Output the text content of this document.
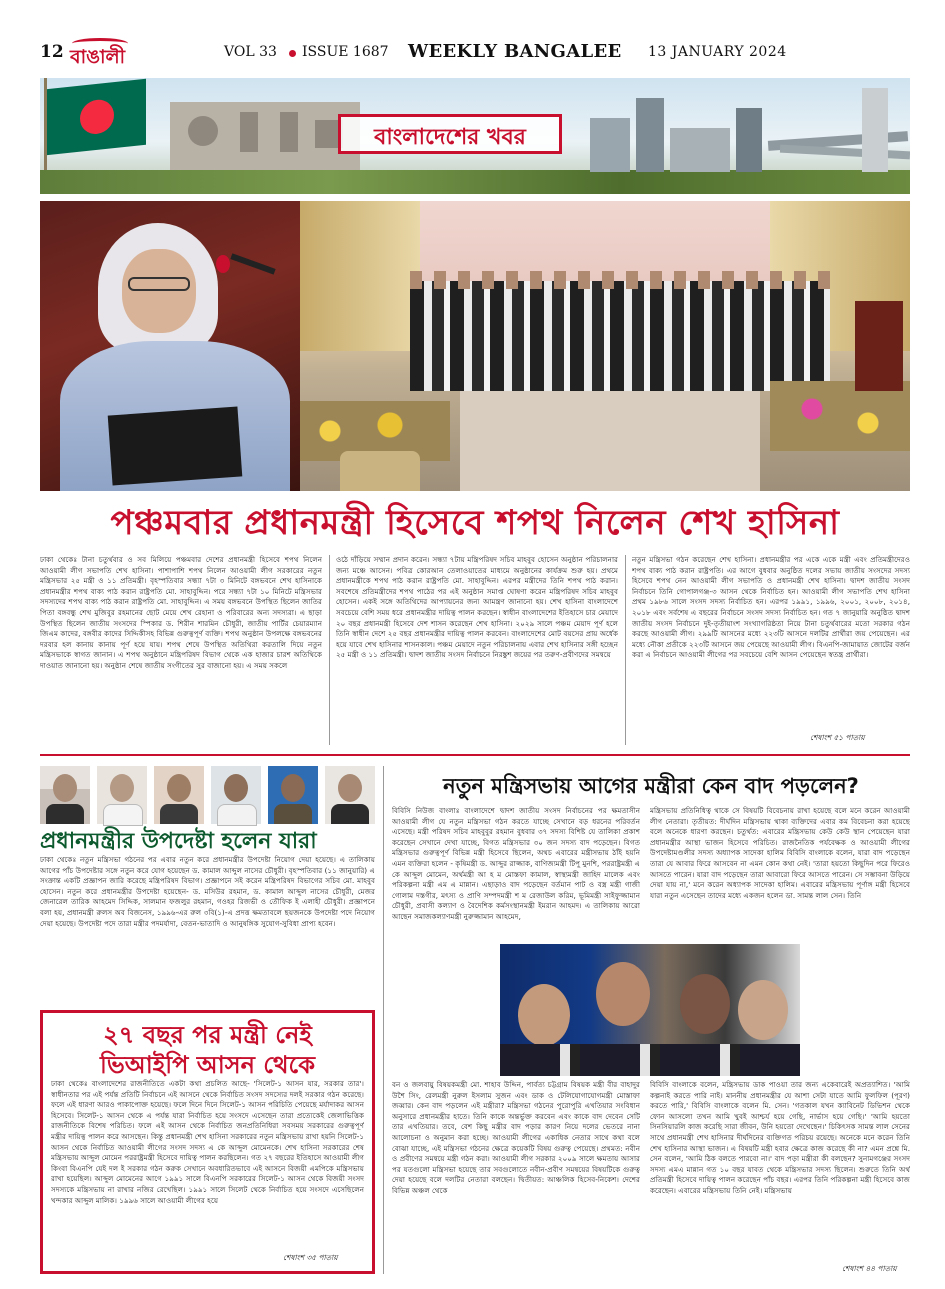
12 বাঙালী	VOL 33 ISSUE 1687 WEEKLY BANGALEE 13 JANUARY 2024
বাংলাদেশের খবর
পঞ্চমবার প্রধানমন্ত্রী হিসেবে শপথ নিলেন শেখ হাসিনা
ঢাকা থেকেঃ টানা চতুর্থবার ও সব মিলিয়ে পঞ্চমবার দেশের প্রধানমন্ত্রী হিসেবে শপথ নিলেন আওয়ামী লীগ সভাপতি শেখ হাসিনা। পাশাপাশি শপথ নিলেন আওয়ামী লীগ সরকারের নতুন মন্ত্রিসভার ২৫ মন্ত্রী ও ১১ প্রতিমন্ত্রী। বৃহস্পতিবার সন্ধ্যা ৭টা ৩ মিনিটে বঙ্গভবনে শেখ হাসিনাকে প্রধানমন্ত্রীর শপথ বাক্য পাঠ করান রাষ্ট্রপতি মো. সাহাবুদ্দিন। পরে সন্ধ্যা ৭টা ১০ মিনিটে মন্ত্রিসভার সদস্যদের শপথ বাক্য পাঠ করান রাষ্ট্রপতি মো. সাহাবুদ্দিন। এ সময় বঙ্গভবনে উপস্থিত ছিলেন জাতির পিতা বঙ্গবন্ধু শেখ মুজিবুর রহমানের ছোট মেয়ে শেখ রেহানা ও পরিবারের অন্য সদস্যরা। এ ছাড়া উপস্থিত ছিলেন জাতীয় সংসদের স্পিকার ড. শিরীন শারমিন চৌধুরী, জাতীয় পার্টির চেয়ারম্যান জিএম কাদের, বঙ্গবীর কাদের সিদ্দিকীসহ বিভিন্ন গুরুত্বপূর্ণ ব্যক্তি। শপথ অনুষ্ঠান উপলক্ষে বঙ্গভবনের দরবার হল কানায় কানায় পূর্ণ হয়ে যায়। শপথ শেষে উপস্থিত অতিথিরা করতালি দিয়ে নতুন মন্ত্রিসভাকে স্বাগত জানান। এ শপথ অনুষ্ঠানে মন্ত্রিপরিষদ বিভাগ থেকে এক হাজার চারশ অতিথিকে দাওয়াত জানানো হয়। অনুষ্ঠান শেষে জাতীয় সংগীতের সুর বাজানো হয়। এ সময় সকলে
ওঠে দাঁড়িয়ে সম্মান প্রদান করেন। সন্ধ্যা ৭টায় মন্ত্রিপরিষদ সচিব মাহবুব হোসেন অনুষ্ঠান পরিচালনার জন্য মঞ্চে আসেন। পবিত্র কোরআন তেলাওয়াতের মাধ্যমে অনুষ্ঠানের কার্যক্রম শুরু হয়। প্রথমে প্রধানমন্ত্রীকে শপথ পাঠ করান রাষ্ট্রপতি মো. সাহাবুদ্দিন। এরপর মন্ত্রীদের তিনি শপথ পাঠ করান। সবশেষে প্রতিমন্ত্রীদের শপথ পাঠের পর এই অনুষ্ঠান সমাপ্ত ঘোষণা করেন মন্ত্রিপরিষদ সচিব মাহবুব হোসেন। একই সঙ্গে অতিথিদের আপ্যায়নের জন্য আমন্ত্রণ জানানো হয়। শেখ হাসিনা বাংলাদেশে সবচেয়ে বেশি সময় ধরে প্রধানমন্ত্রীর দায়িত্ব পালন করছেন। স্বাধীন বাংলাদেশের ইতিহাসে চার মেয়াদে ২০ বছর প্রধানমন্ত্রী হিসেবে দেশ শাসন করেছেন শেখ হাসিনা। ২০২৯ সালে পঞ্চম মেয়াদ পূর্ণ হলে তিনি স্বাধীন দেশে ২৫ বছর প্রধানমন্ত্রীর দায়িত্ব পালন করবেন। বাংলাদেশের মোট বয়সের প্রায় অর্ধেক হয়ে যাবে শেখ হাসিনার শাসনকাল। পঞ্চম মেয়াদে নতুন পরিচালনায় এবার শেখ হাসিনার সঙ্গী হচ্ছেন ২৫ মন্ত্রী ও ১১ প্রতিমন্ত্রী। দ্বাদশ জাতীয় সংসদ নির্বাচনে নিরঙ্কুশ জয়ের পর তরুণ-প্রবীণদের সমন্বয়ে
নতুন মন্ত্রিসভা গঠন করেছেন শেখ হাসিনা। প্রধানমন্ত্রীর পর একে একে মন্ত্রী এবং প্রতিমন্ত্রীদেরও শপথ বাক্য পাঠ করান রাষ্ট্রপতি। এর আগে বুধবার অনুষ্ঠিত দলের সভায় জাতীয় সংসদের সদস্য হিসেবে শপথ নেন আওয়ামী লীগ সভাপতি ও প্রধানমন্ত্রী শেখ হাসিনা। দ্বাদশ জাতীয় সংসদ নির্বাচনে তিনি গোপালগঞ্জ-৩ আসন থেকে নির্বাচিত হন। আওয়ামী লীগ সভাপতি শেখ হাসিনা প্রথম ১৯৮৬ সালে সংসদ সদস্য নির্বাচিত হন। এরপর ১৯৯১, ১৯৯৬, ২০০১, ২০০৮, ২০১৪, ২০১৮ এবং সর্বশেষ এ বছরের নির্বাচনে সংসদ সদস্য নির্বাচিত হন। গত ৭ জানুয়ারি অনুষ্ঠিত দ্বাদশ জাতীয় সংসদ নির্বাচনে দুই-তৃতীয়াংশ সংখ্যাগরিষ্ঠতা নিয়ে টানা চতুর্থবারের মতো সরকার গঠন করছে আওয়ামী লীগ। ২৯৯টি আসনের মধ্যে ২২৩টি আসনে দলটির প্রার্থীরা জয় পেয়েছেন। এর মধ্যে নৌকা প্রতীকে ২২৩টি আসনে জয় পেয়েছে আওয়ামী লীগ। বিএনপি-জামায়াত জোটের বর্জন করা এ নির্বাচনে আওয়ামী লীগের পর সবচেয়ে বেশি আসন পেয়েছেন স্বতন্ত্র প্রার্থীরা।
শেষাংশ ৫১ পাতায়
প্রধানমন্ত্রীর উপদেষ্টা হলেন যারা
ঢাকা থেকেঃ নতুন মন্ত্রিসভা গঠনের পর এবার নতুন করে প্রধানমন্ত্রীর উপদেষ্টা নিয়োগ দেয়া হয়েছে। এ তালিকায় আগের পাঁচ উপদেষ্টার সঙ্গে নতুন করে যোগ হয়েছেন ড. কামাল আব্দুল নাসের চৌধুরী। বৃহস্পতিবার (১১ জানুয়ারি) এ সংক্রান্ত একটি প্রজ্ঞাপন জারি করেছে মন্ত্রিপরিষদ বিভাগ। প্রজ্ঞাপনে সই করেন মন্ত্রিপরিষদ বিভাগের সচিব মো. মাহবুব হোসেন। নতুন করে প্রধানমন্ত্রীর উপদেষ্টা হয়েছেন- ড. মসিউর রহমান, ড. কামাল আব্দুল নাসের চৌধুরী, মেজর জেনারেল তারিক আহমেদ সিদ্দিক, সালমান ফজলুর রহমান, গওহর রিজভী ও তৌফিক ই এলাহী চৌধুরী। প্রজ্ঞাপনে বলা হয়, প্রধানমন্ত্রী রুলস অব বিজনেস, ১৯৯৬-এর রুল ৩বি(১)-এ প্রদত্ত ক্ষমতাবলে ছয়জনকে উপদেষ্টা পদে নিয়োগ দেয়া হয়েছে। উপদেষ্টা পদে তারা মন্ত্রীর পদমর্যাদা, বেতন-ভাতাদি ও আনুষঙ্গিক সুযোগ-সুবিধা প্রাপ্য হবেন।
২৭ বছর পর মন্ত্রী নেই
ভিআইপি আসন থেকে
ঢাকা থেকেঃ বাংলাদেশের রাজনীতিতে একটা কথা প্রচলিত আছে- 'সিলেট-১ আসন যার, সরকার তার'। স্বাধীনতার পর এই পর্যন্ত প্রতিটি নির্বাচনে এই আসনে থেকে নির্বাচিত সংসদ সদস্যের দলই সরকার গঠন করেছে। ফলে এই ধারণা আরও পাকাপোক্ত হয়েছে। ফলে দিনে দিনে সিলেট-১ আসন পরিচিতি পেয়েছে মর্যাদাকর আসন হিসেবে। সিলেট-১ আসন থেকে এ পর্যন্ত যারা নির্বাচিত হয়ে সংসদে এসেছেন তারা প্রত্যেকেই জেলাভিত্তিক রাজনীতিকে বিশেষ পরিচিত। ফলে এই আসন থেকে নির্বাচিত জনপ্রতিনিধিরা সবসময় সরকারের গুরুত্বপূর্ণ মন্ত্রীর দায়িত্ব পালন করে আসছেন। কিন্তু প্রধানমন্ত্রী শেখ হাসিনা সরকারের নতুন মন্ত্রিসভায় রাখা হয়নি সিলেট-১ আসন থেকে নির্বাচিত আওয়ামী লীগের সংসদ সদস্য এ কে আব্দুল মোমেনকে। শেখ হাসিনা সরকারের শেষ মন্ত্রিসভায় আব্দুল মোমেন পররাষ্ট্রমন্ত্রী হিসেবে দায়িত্ব পালন করছিলেন। গত ২৭ বছরের ইতিহাসে আওয়ামী লীগ কিংবা বিএনপি যেই দল ই সরকার গঠন করুক সেখানে অবধারিতভাবে এই আসনে বিজয়ী এমপিকে মন্ত্রিসভায় রাখা হয়েছিল। আব্দুল মোমেনের আগে ১৯৯১ সালে বিএনপি সরকারের সিলেট-১ আসন থেকে বিজয়ী সংসদ সদস্যকে মন্ত্রিসভায় না রাখার নজির রেখেছিল। ১৯৯১ সালে সিলেট থেকে নির্বাচিত হয়ে সংসদে এসেছিলেন খন্দকার আব্দুল মালিক। ১৯৯৬ সালে আওয়ামী লীগের হয়ে
শেষাংশ ৩৫ পাতায়
নতুন মন্ত্রিসভায় আগের মন্ত্রীরা কেন বাদ পড়লেন?
বিবিসি নিউজ বাংলাঃ বাংলাদেশে দ্বাদশ জাতীয় সংসদ নির্বাচনের পর ক্ষমতাসীন আওয়ামী লীগ যে নতুন মন্ত্রিসভা গঠন করতে যাচ্ছে সেখানে বড় ধরনের পরিবর্তন এসেছে। মন্ত্রী পরিষদ সচিব মাহবুবুর রহমান বুধবার ৩৭ সদস্য বিশিষ্ট যে তালিকা প্রকাশ করেছেন সেখানে দেখা যাচ্ছে, বিগত মন্ত্রিসভার ৩০ জন সদস্য বাদ পড়েছেন। বিগত মন্ত্রিসভার গুরুত্বপূর্ণ বিভিন্ন মন্ত্রী হিসেবে ছিলেন, অথচ এবারের মন্ত্রীসভায় ঠাঁই হয়নি এমন ব্যক্তিরা হলেন - কৃষিমন্ত্রী ড. আব্দুর রাজ্জাক, বাণিজ্যমন্ত্রী টিপু মুনশি, পররাষ্ট্রমন্ত্রী এ কে আব্দুল মোমেন, অর্থমন্ত্রী আ হ ম মোস্তফা কামাল, স্বাস্থ্যমন্ত্রী জাহিদ মালেক এবং পরিকল্পনা মন্ত্রী এম এ মান্নান। এছাড়াও বাদ পড়েছেন বর্তমান পাট ও বস্ত্র মন্ত্রী গাজী গোলাম দস্তগীর, মৎস্য ও প্রাণি সম্পদমন্ত্রী শ ম রেজাউল করিম, ভূমিমন্ত্রী সাইফুজ্জামান চৌধুরী, প্রবাসী কল্যাণ ও বৈদেশিক কর্মসংস্থানমন্ত্রী ইমরান আহমদ। এ তালিকায় আরো আছেন সমাজকল্যাণমন্ত্রী নুরুজ্জামান আহমেদ,
মন্ত্রিসভায় প্রতিনিধিত্ব থাকে সে বিষয়টি বিবেচনায় রাখা হয়েছে বলে মনে করেন আওয়ামী লীগ নেতারা। তৃতীয়ত: দীর্ঘদিন মন্ত্রিসভায় থাকা ব্যক্তিদের এবার কম বিবেচনা করা হয়েছে বলে অনেকে ধারণা করছেন। চতুর্থত: এবারের মন্ত্রিসভায় কেউ কেউ স্থান পেয়েছেন যারা প্রধানমন্ত্রীর আস্থা ভাজন হিসেবে পরিচিত। রাজনৈতিক পর্যবেক্ষক ও আওয়ামী লীগের উপদেষ্টামণ্ডলীর সদস্য অধ্যাপক সাদেকা হালিম বিবিসি বাংলাকে বলেন, যারা বাদ পড়েছেন তারা যে আবার ফিরে আসবেন না এমন কোন কথা নেই। 'তারা হয়তো কিছুদিন পরে ফিরেও আসতে পারেন। যারা বাদ পড়েছেন তারা আবারো ফিরে আসতে পারেন। সে সম্ভাবনা উড়িয়ে দেয়া যায় না,' মনে করেন অধ্যাপক সাদেকা হালিম। এবারের মন্ত্রিসভায় পূর্ণাঙ্গ মন্ত্রী হিসেবে যারা নতুন এসেছেন তাদের মধ্যে একজন হলেন ডা. সামন্ত লাল সেন। তিনি
বন ও জলবায়ু বিষয়কমন্ত্রী মো. শাহাব উদ্দিন, পার্বত্য চট্টগ্রাম বিষয়ক মন্ত্রী বীর বাহাদুর উশৈ সিং, রেলমন্ত্রী নুরুল ইসলাম সুজন এবং ডাক ও টেলিযোগাযোগমন্ত্রী মোস্তাফা জব্বার। কেন বাদ পড়লেন এই মন্ত্রীরা? মন্ত্রিসভা গঠনের পুরোপুরি এখতিয়ার সংবিধান অনুসারে প্রধানমন্ত্রীর হাতে। তিনি কাকে অন্তর্ভুক্ত করবেন এবং কাকে বাদ দেবেন সেটি তার এখতিয়ার। তবে, বেশ কিছু মন্ত্রীর বাদ পড়ার কারণ নিয়ে দলের ভেতরে নানা আলোচনা ও অনুমান করা হচ্ছে। আওয়ামী লীগের একাধিক নেতার সাথে কথা বলে বোঝা যাচ্ছে, এই মন্ত্রিসভা গঠনের ক্ষেত্রে কয়েকটি বিষয় গুরুত্ব পেয়েছে। প্রথমত: নবীন ও প্রবীণের সমন্বয়ে মন্ত্রী গঠন করা। আওয়ামী লীগ সরকার ২০০৯ সালে ক্ষমতায় আসার পর যতগুলো মন্ত্রিসভা হয়েছে তার সবগুলোতে নবীন-প্রবীণ সমন্বয়ের বিষয়টিকে গুরুত্ব দেয়া হয়েছে বলে দলটির নেতারা বলছেন। দ্বিতীয়ত: আঞ্চলিক হিসেব-নিকেশ। দেশের বিভিন্ন অঞ্চল থেকে
বিবিসি বাংলাকে বলেন, মন্ত্রিসভায় ডাক পাওয়া তার জন্য একেবারেই অপ্রত্যাশিত। 'আমি কল্পনাই করতে পারি নাই। মাননীয় প্রধানমন্ত্রীর যে আশা সেটা যাতে আমি ফুলফিল (পূরণ) করতে পারি,' বিবিসি বাংলাকে বলেন মি. সেন। 'গতকাল যখন ক্যাবিনেট ডিভিশন থেকে ফোন আসলো তখন আমি খুবই আশ্চর্য হয়ে গেছি, নার্ভাস হয়ে গেছি।' 'আমি হয়তো সিনসিয়ারলি কাজ করেছি সারা জীবন, উনি হয়তো দেখেছেন।' চিকিৎসক সামন্ত লাল সেনের সাথে প্রধানমন্ত্রী শেখ হাসিনার দীর্ঘদিনের ব্যক্তিগত পরিচয় রয়েছে। অনেকে মনে করেন তিনি শেখ হাসিনার আস্থা ভাজন। এ বিষয়টি মন্ত্রী হবার ক্ষেত্রে কাজ করেছে কী না? এমন প্রশ্নে মি. সেন বলেন, 'আমি ঠিক বলতে পারবো না।' বাদ পড়া মন্ত্রীরা কী বলছেন? সুনামগঞ্জের সংসদ সদস্য এমএ মান্নান গত ১০ বছর যাবত থেকে মন্ত্রিসভার সদস্য ছিলেন। শুরুতে তিনি অর্থ প্রতিমন্ত্রী হিসেবে দায়িত্ব পালন করেছেন পাঁচ বছর। এরপর তিনি পরিকল্পনা মন্ত্রী হিসেবে কাজ করেছেন। এবারের মন্ত্রিসভায় তিনি নেই। মন্ত্রিসভায়
শেষাংশ ৪৪ পাতায়
